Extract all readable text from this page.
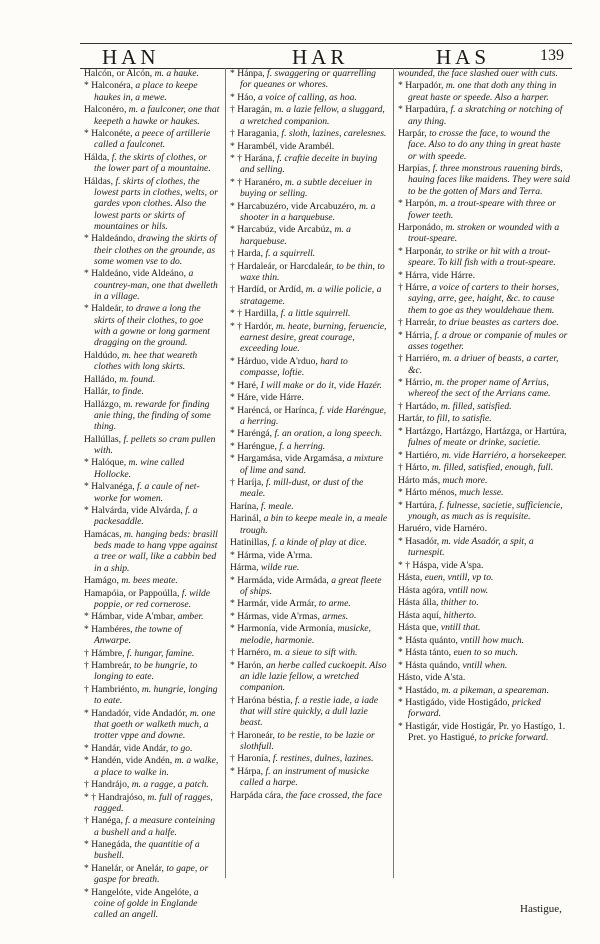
HAN	HAR	HAS	139
Halcón, or Alcón, m. a hauke.
* Halconéra, a place to keepe haukes in, a mewe.
Halconéro, m. a faulconer, one that keepeth a hawke or haukes.
* Halconéte, a peece of artillerie called a faulconet.
Hálda, f. the skirts of clothes, or the lower part of a mountaine.
Háldas, f. skirts of clothes, the lowest parts in clothes, welts, or gardes vpon clothes. Also the lowest parts or skirts of mountaines or hils.
* Haldeándo, drawing the skirts of their clothes on the grounde, as some women vse to do.
* Haldeáno, vide Aldeáno, a countrey-man, one that dwelleth in a village.
* Haldeár, to drawe a long the skirts of their clothes, to goe with a gowne or long garment dragging on the ground.
Haldúdo, m. hee that weareth clothes with long skirts.
Halládo, m. found.
Hallár, to finde.
Hallázgo, m. rewarde for finding anie thing, the finding of some thing.
Hallúllas, f. pellets so cram pullen with.
* Halóque, m. wine called Hollocke.
* Halvanéga, f. a caule of net-worke for women.
* Halvárda, vide Alvárda, f. a packesaddle.
Hamácas, m. hanging beds: brasill beds made to hang vppe against a tree or wall, like a cabbin bed in a ship.
Hamágo, m. bees meate.
Hamapóia, or Pappoúlla, f. wilde poppie, or red cornerose.
* Hámbar, vide A'mbar, amber.
* Hambéres, the towne of Anwarpe.
† Hámbre, f. hungar, famine.
† Hambreár, to be hungrie, to longing to eate.
† Hambriénto, m. hungrie, longing to eate.
* Handadór, vide Andadór, m. one that goeth or walketh much, a trotter vppe and downe.
* Handár, vide Andár, to go.
* Handén, vide Andén, m. a walke, a place to walke in.
† Handrájo, m. a ragge, a patch.
* † Handrajóso, m. full of ragges, ragged.
† Hanéga, f. a measure conteining a bushell and a halfe.
* Hanegáda, the quantitie of a bushell.
* Hanelár, or Anelár, to gape, or gaspe for breath.
* Hangelóte, vide Angelóte, a coine of golde in Englande called an angell.
* Hánpa, f. swaggering or quarrelling for queanes or whores.
* Háo, a voice of calling, as hoa.
† Haragán, m. a lazie fellow, a sluggard, a wretched companion.
† Haragania, f. sloth, lazines, carelesnes.
* Harambél, vide Arambél.
* † Harána, f. craftie deceite in buying and selling.
* † Haranéro, m. a subtle deceiuer in buying or selling.
* Harcabuzéro, vide Arcabuzéro, m. a shooter in a harquebuse.
* Harcabúz, vide Arcabúz, m. a harquebuse.
† Harda, f. a squirrell.
† Hardaleár, or Harcdaleár, to be thin, to waxe thin.
† Hardíd, or Ardíd, m. a wilie policie, a stratageme.
* † Hardilla, f. a little squirrell.
* † Hardór, m. heate, burning, feruencie, earnest desire, great courage, exceeding loue.
* Hárduo, vide A'rduo, hard to compasse, loftie.
* Haré, I will make or do it, vide Hazér.
* Háre, vide Hárre.
* Haréncá, or Harínca, f. vide Haréngue, a herring.
* Haréngá, f. an oration, a long speech.
* Haréngue, f. a herring.
* Hargamása, vide Argamása, a mixture of lime and sand.
† Haríja, f. mill-dust, or dust of the meale.
Harína, f. meale.
Harinál, a bin to keepe meale in, a meale trough.
Hatinillas, f. a kinde of play at dice.
* Hárma, vide A'rma.
Hárma, wilde rue.
* Harmáda, vide Armáda, a great fleete of ships.
* Harmár, vide Armár, to arme.
* Hármas, vide A'rmas, armes.
* Harmonía, vide Armonía, musicke, melodie, harmonie.
† Harnéro, m. a sieue to sift with.
* Harón, an herbe called cuckoepit. Also an idle lazie fellow, a wretched companion.
† Haróna béstia, f. a restie iade, a iade that will stire quickly, a dull lazie beast.
† Haroneár, to be restie, to be lazie or slothfull.
† Haronía, f. restines, dulnes, lazines.
* Hárpa, f. an instrument of musicke called a harpe.
Harpáda cára, the face crossed, the face
wounded, the face slashed ouer with cuts.
* Harpadór, m. one that doth any thing in great haste or speede. Also a harper.
* Harpadúra, f. a skratching or notching of any thing.
Harpár, to crosse the face, to wound the face. Also to do any thing in great haste or with speede.
Harpías, f. three monstrous rauening birds, hauing faces like maidens. They were said to be the gotten of Mars and Terra.
* Harpón, m. a trout-speare with three or fower teeth.
Harponádo, m. stroken or wounded with a trout-speare.
* Harponár, to strike or hit with a trout-speare. To kill fish with a trout-speare.
* Hárra, vide Hárre.
† Hárre, a voice of carters to their horses, saying, arre, gee, haight, &c. to cause them to goe as they wouldehaue them.
† Harreár, to driue beastes as carters doe.
* Hárria, f. a droue or companie of mules or asses together.
† Harriéro, m. a driuer of beasts, a carter, &c.
* Hárrio, m. the proper name of Arrius, whereof the sect of the Arrians came.
† Hartádo, m. filled, satisfied.
Hartár, to fill, to satisfie.
* Hartázgo, Hartázgo, Hartázga, or Hartúra, fulnes of meate or drinke, sacietie.
* Hartiéro, m. vide Harriéro, a horsekeeper.
† Hárto, m. filled, satisfied, enough, full.
Hárto más, much more.
* Hárto ménos, much lesse.
* Hartúra, f. fulnesse, sacietie, sufficiencie, ynough, as much as is requisite.
Haruéro, vide Harnéro.
* Hasadór, m. vide Asadór, a spit, a turnespit.
* † Háspa, vide A'spa.
Hásta, euen, vntill, vp to.
Hásta agóra, vntill now.
Hásta álla, thither to.
Hásta aquí, hitherto.
Hásta que, vntill that.
* Hásta quánto, vntill how much.
* Hásta tánto, euen to so much.
* Hásta quándo, vntill when.
Hásto, vide A'sta.
* Hastádo, m. a pikeman, a speareman.
* Hastigádo, vide Hostigádo, pricked forward.
* Hastigár, vide Hostigár, Pr. yo Hastígo, 1. Pret. yo Hastigué, to pricke forward.
Hastigue,
